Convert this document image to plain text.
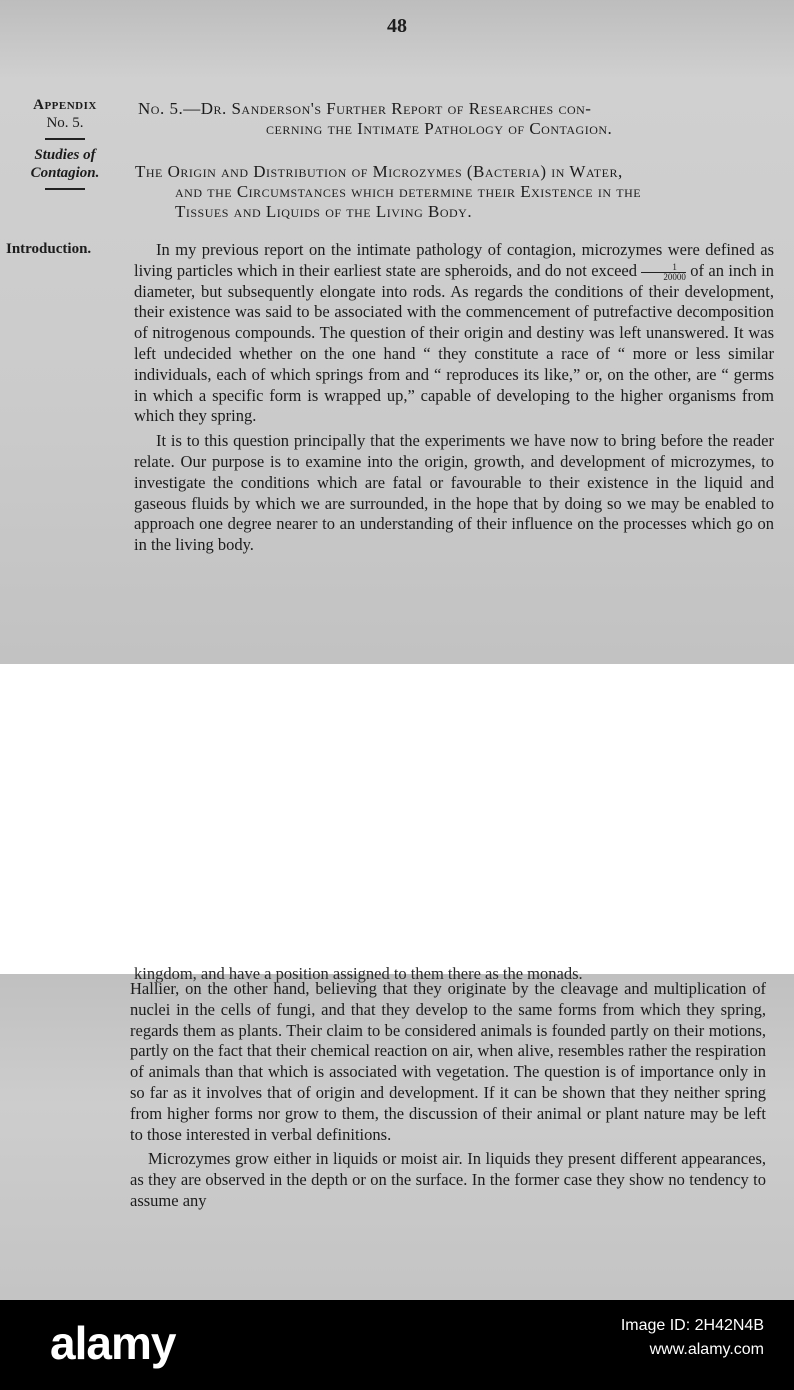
48
Appendix
No. 5.
Studies of
Contagion.
Introduction.

No. 5.—Dr. Sanderson's Further Report of Researches con-

cerning the Intimate Pathology of Contagion.

The Origin and Distribution of Microzymes (Bacteria) in Water,

and the Circumstances which determine their Existence in the

Tissues and Liquids of the Living Body.

In my previous report on the intimate pathology of contagion, microzymes were defined as living particles which in their earliest state are spheroids, and do not exceed $\frac{1}{20000}$ of an inch in diameter, but subsequently elongate into rods. As regards the conditions of their development, their existence was said to be associated with the commencement of putrefactive decomposition of nitrogenous compounds. The question of their origin and destiny was left unanswered. It was left undecided whether on the one hand “ they constitute a race of “ more or less similar individuals, each of which springs from and “ reproduces its like,” or, on the other, are “ germs in which a specific form is wrapped up,” capable of developing to the higher organisms from which they spring.

It is to this question principally that the experiments we have now to bring before the reader relate. Our purpose is to examine into the origin, growth, and development of microzymes, to investigate the conditions which are fatal or favourable to their existence in the liquid and gaseous fluids by which we are surrounded, in the hope that by doing so we may be enabled to approach one degree nearer to an understanding of their influence on the processes which go on in the living body.

kingdom, and have a position assigned to them there as the monads.

Hallier, on the other hand, believing that they originate by the cleavage and multiplication of nuclei in the cells of fungi, and that they develop to the same forms from which they spring, regards them as plants. Their claim to be considered animals is founded partly on their motions, partly on the fact that their chemical reaction on air, when alive, resembles rather the respiration of animals than that which is associated with vegetation. The question is of importance only in so far as it involves that of origin and development. If it can be shown that they neither spring from higher forms nor grow to them, the discussion of their animal or plant nature may be left to those interested in verbal definitions.

Microzymes grow either in liquids or moist air. In liquids they present different appearances, as they are observed in the depth or on the surface. In the former case they show no tendency to assume any

alamy	Image ID: 2H42N4B
www.alamy.com
